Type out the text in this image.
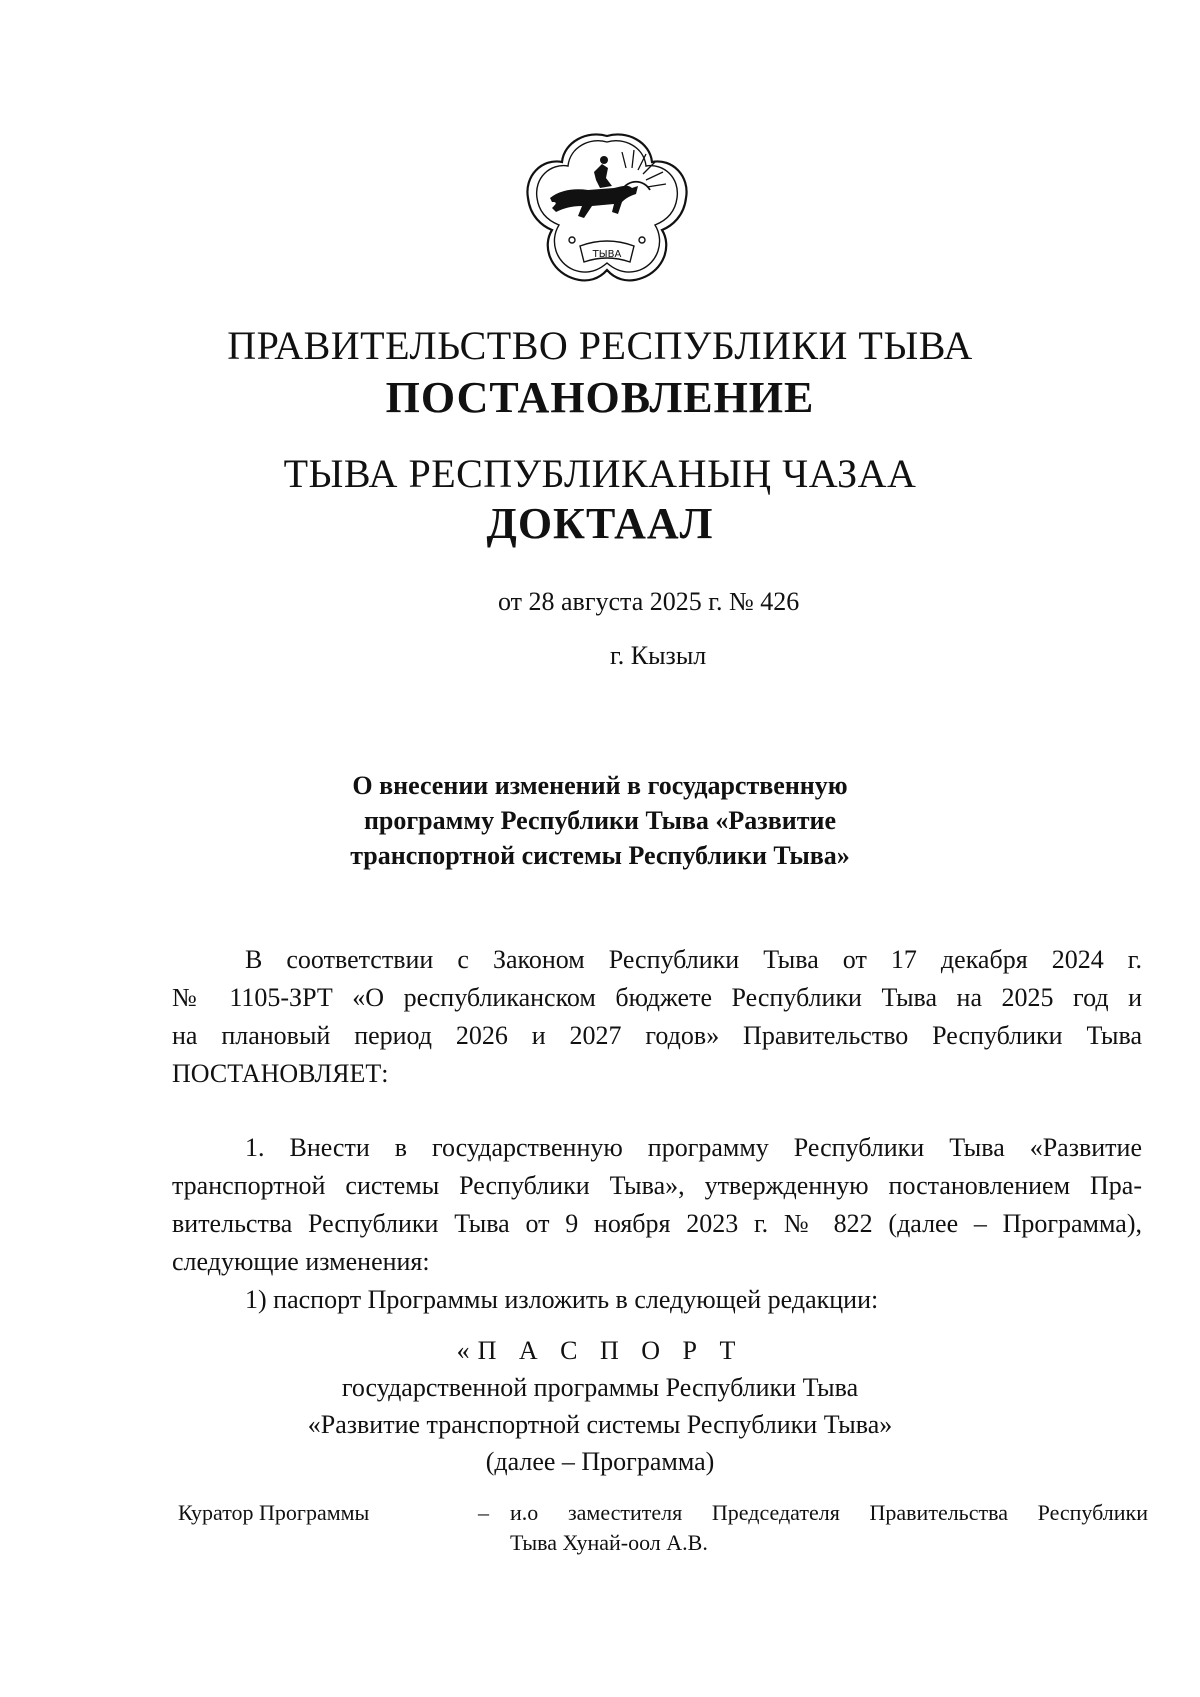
ТЫВА
ПРАВИТЕЛЬСТВО РЕСПУБЛИКИ ТЫВА
ПОСТАНОВЛЕНИЕ
ТЫВА РЕСПУБЛИКАНЫҢ ЧАЗАА
ДОКТААЛ
от 28 августа 2025 г. № 426
г. Кызыл
О внесении изменений в государственную
программу Республики Тыва «Развитие
транспортной системы Республики Тыва»
В соответствии с Законом Республики Тыва от 17 декабря 2024 г.
№ 1105-ЗРТ «О республиканском бюджете Республики Тыва на 2025 год и
на плановый период 2026 и 2027 годов» Правительство Республики Тыва
ПОСТАНОВЛЯЕТ:
1. Внести в государственную программу Республики Тыва «Развитие
транспортной системы Республики Тыва», утвержденную постановлением Пра-
вительства Республики Тыва от 9 ноября 2023 г. № 822 (далее – Программа),
следующие изменения:
1) паспорт Программы изложить в следующей редакции:
«П А С П О Р Т
государственной программы Республики Тыва
«Развитие транспортной системы Республики Тыва»
(далее – Программа)
Куратор Программы	– и.о заместителя Председателя Правительства Республики
Тыва Хунай-оол А.В.
